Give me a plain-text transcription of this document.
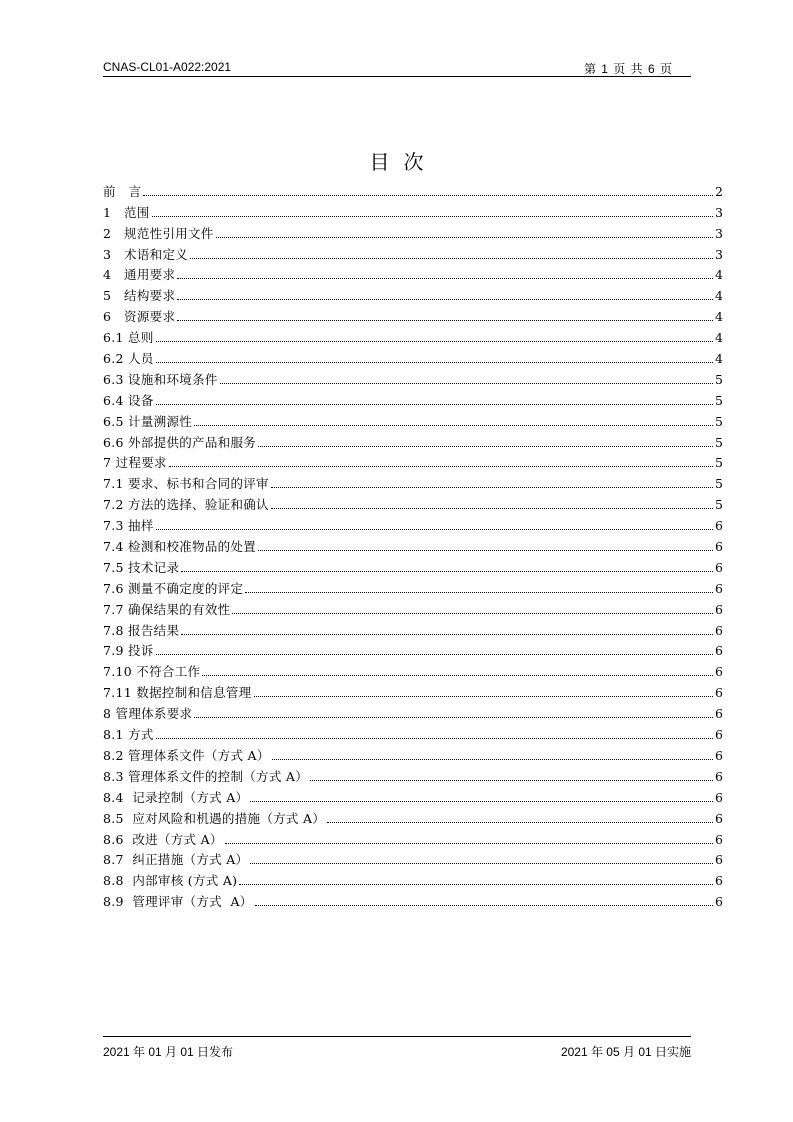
CNAS-CL01-A022:2021	第 1 页 共 6 页
目次
前　言	2
1　范围	3
2　规范性引用文件	3
3　术语和定义	3
4　通用要求	4
5　结构要求	4
6　资源要求	4
6.1 总则	4
6.2 人员	4
6.3 设施和环境条件	5
6.4 设备	5
6.5 计量溯源性	5
6.6 外部提供的产品和服务	5
7 过程要求	5
7.1 要求、标书和合同的评审	5
7.2 方法的选择、验证和确认	5
7.3 抽样	6
7.4 检测和校准物品的处置	6
7.5 技术记录	6
7.6 测量不确定度的评定	6
7.7 确保结果的有效性	6
7.8 报告结果	6
7.9 投诉	6
7.10 不符合工作	6
7.11 数据控制和信息管理	6
8 管理体系要求	6
8.1 方式	6
8.2 管理体系文件（方式 A）	6
8.3 管理体系文件的控制（方式 A）	6
8.4  记录控制（方式 A）	6
8.5  应对风险和机遇的措施（方式 A）	6
8.6  改进（方式 A）	6
8.7  纠正措施（方式 A）	6
8.8  内部审核 (方式 A)	6
8.9  管理评审（方式  A）	6
2021 年 01 月 01 日发布	2021 年 05 月 01 日实施
